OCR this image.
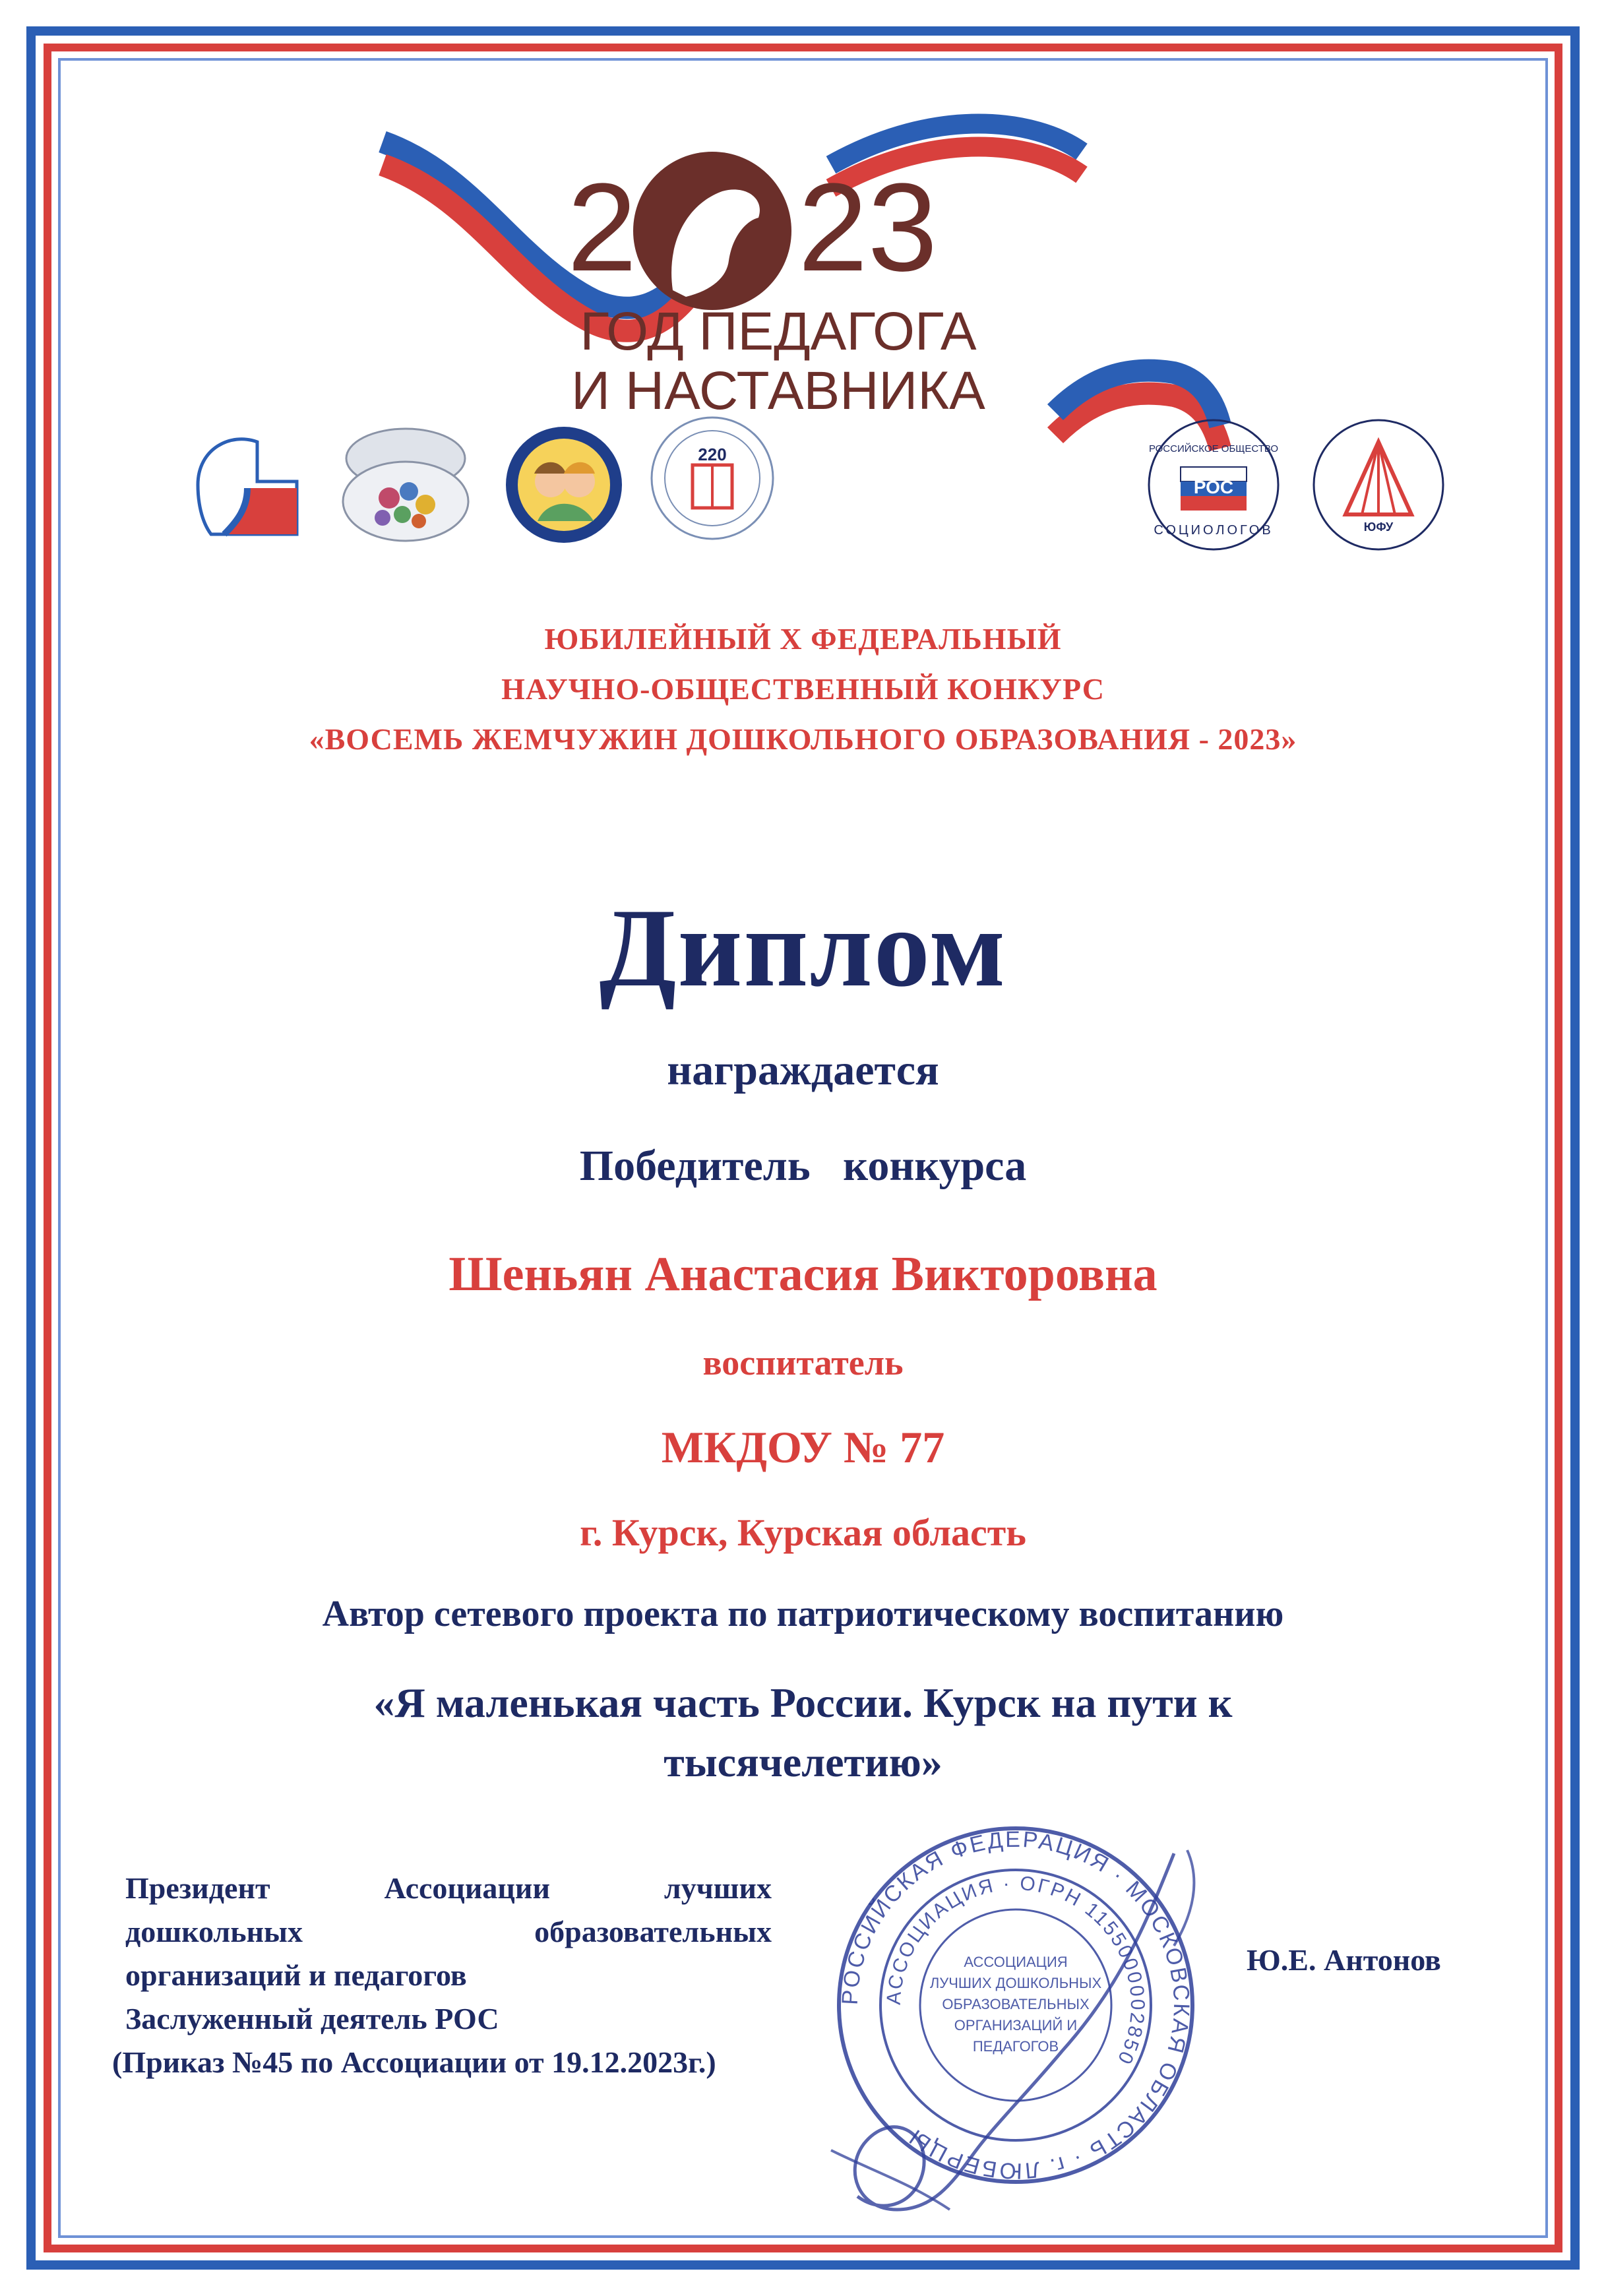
2 23
ГОД ПЕДАГОГА
И НАСТАВНИКА
220
РОС
РОССИЙСКОЕ ОБЩЕСТВО
СОЦИОЛОГОВ	ЮФУ
ЮБИЛЕЙНЫЙ X ФЕДЕРАЛЬНЫЙ
НАУЧНО-ОБЩЕСТВЕННЫЙ КОНКУРС
«ВОСЕМЬ ЖЕМЧУЖИН ДОШКОЛЬНОГО ОБРАЗОВАНИЯ - 2023»
Диплом
награждается
Победитель   конкурса
Шеньян Анастасия Викторовна
воспитатель
МКДОУ № 77
г. Курск, Курская область
Автор сетевого проекта по патриотическому воспитанию
«Я маленькая часть России. Курск на пути к
тысячелетию»
Президент   Ассоциации   лучших
дошкольных     образовательных
организаций и педагогов
Заслуженный деятель РОС
(Приказ №45 по Ассоциации от 19.12.2023г.)
РОССИЙСКАЯ ФЕДЕРАЦИЯ · МОСКОВСКАЯ ОБЛАСТЬ · г. ЛЮБЕРЦЫ
АССОЦИАЦИЯ · ОГРН 1155000002850
АССОЦИАЦИЯ
ЛУЧШИХ ДОШКОЛЬНЫХ
ОБРАЗОВАТЕЛЬНЫХ
ОРГАНИЗАЦИЙ И
ПЕДАГОГОВ
Ю.Е. Антонов
